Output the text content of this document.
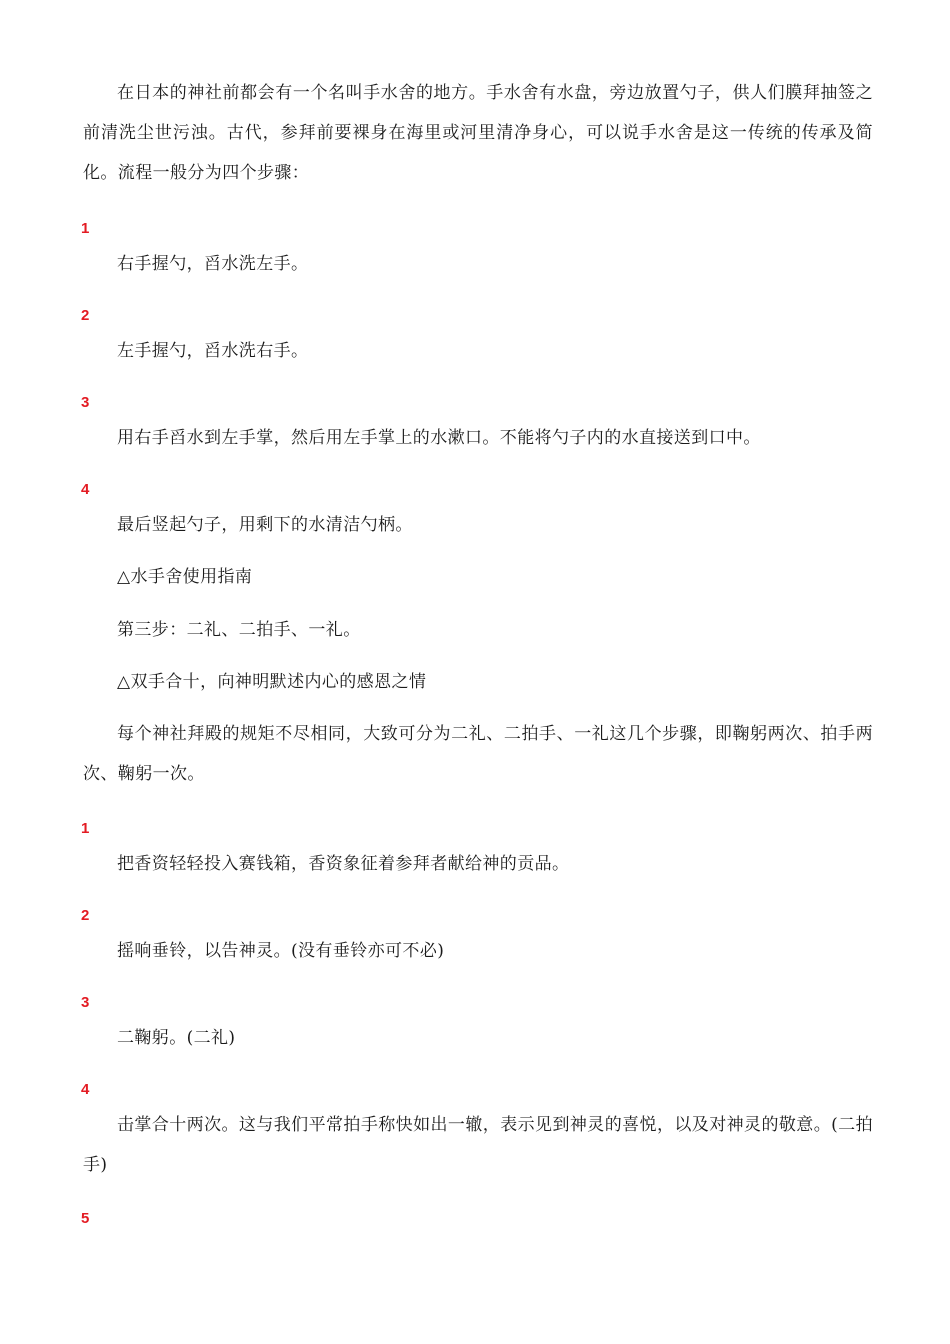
在日本的神社前都会有一个名叫手水舍的地方。手水舍有水盘，旁边放置勺子，供人们膜拜抽签之前清洗尘世污浊。古代，参拜前要裸身在海里或河里清净身心，可以说手水舍是这一传统的传承及简化。流程一般分为四个步骤：

1

右手握勺，舀水洗左手。

2

左手握勺，舀水洗右手。

3

用右手舀水到左手掌，然后用左手掌上的水漱口。不能将勺子内的水直接送到口中。

4

最后竖起勺子，用剩下的水清洁勺柄。

△水手舍使用指南

第三步：二礼、二拍手、一礼。

△双手合十，向神明默述内心的感恩之情

每个神社拜殿的规矩不尽相同，大致可分为二礼、二拍手、一礼这几个步骤，即鞠躬两次、拍手两次、鞠躬一次。

1

把香资轻轻投入赛钱箱，香资象征着参拜者献给神的贡品。

2

摇响垂铃，以告神灵。(没有垂铃亦可不必)

3

二鞠躬。(二礼)

4

击掌合十两次。这与我们平常拍手称快如出一辙，表示见到神灵的喜悦，以及对神灵的敬意。(二拍手)

5
